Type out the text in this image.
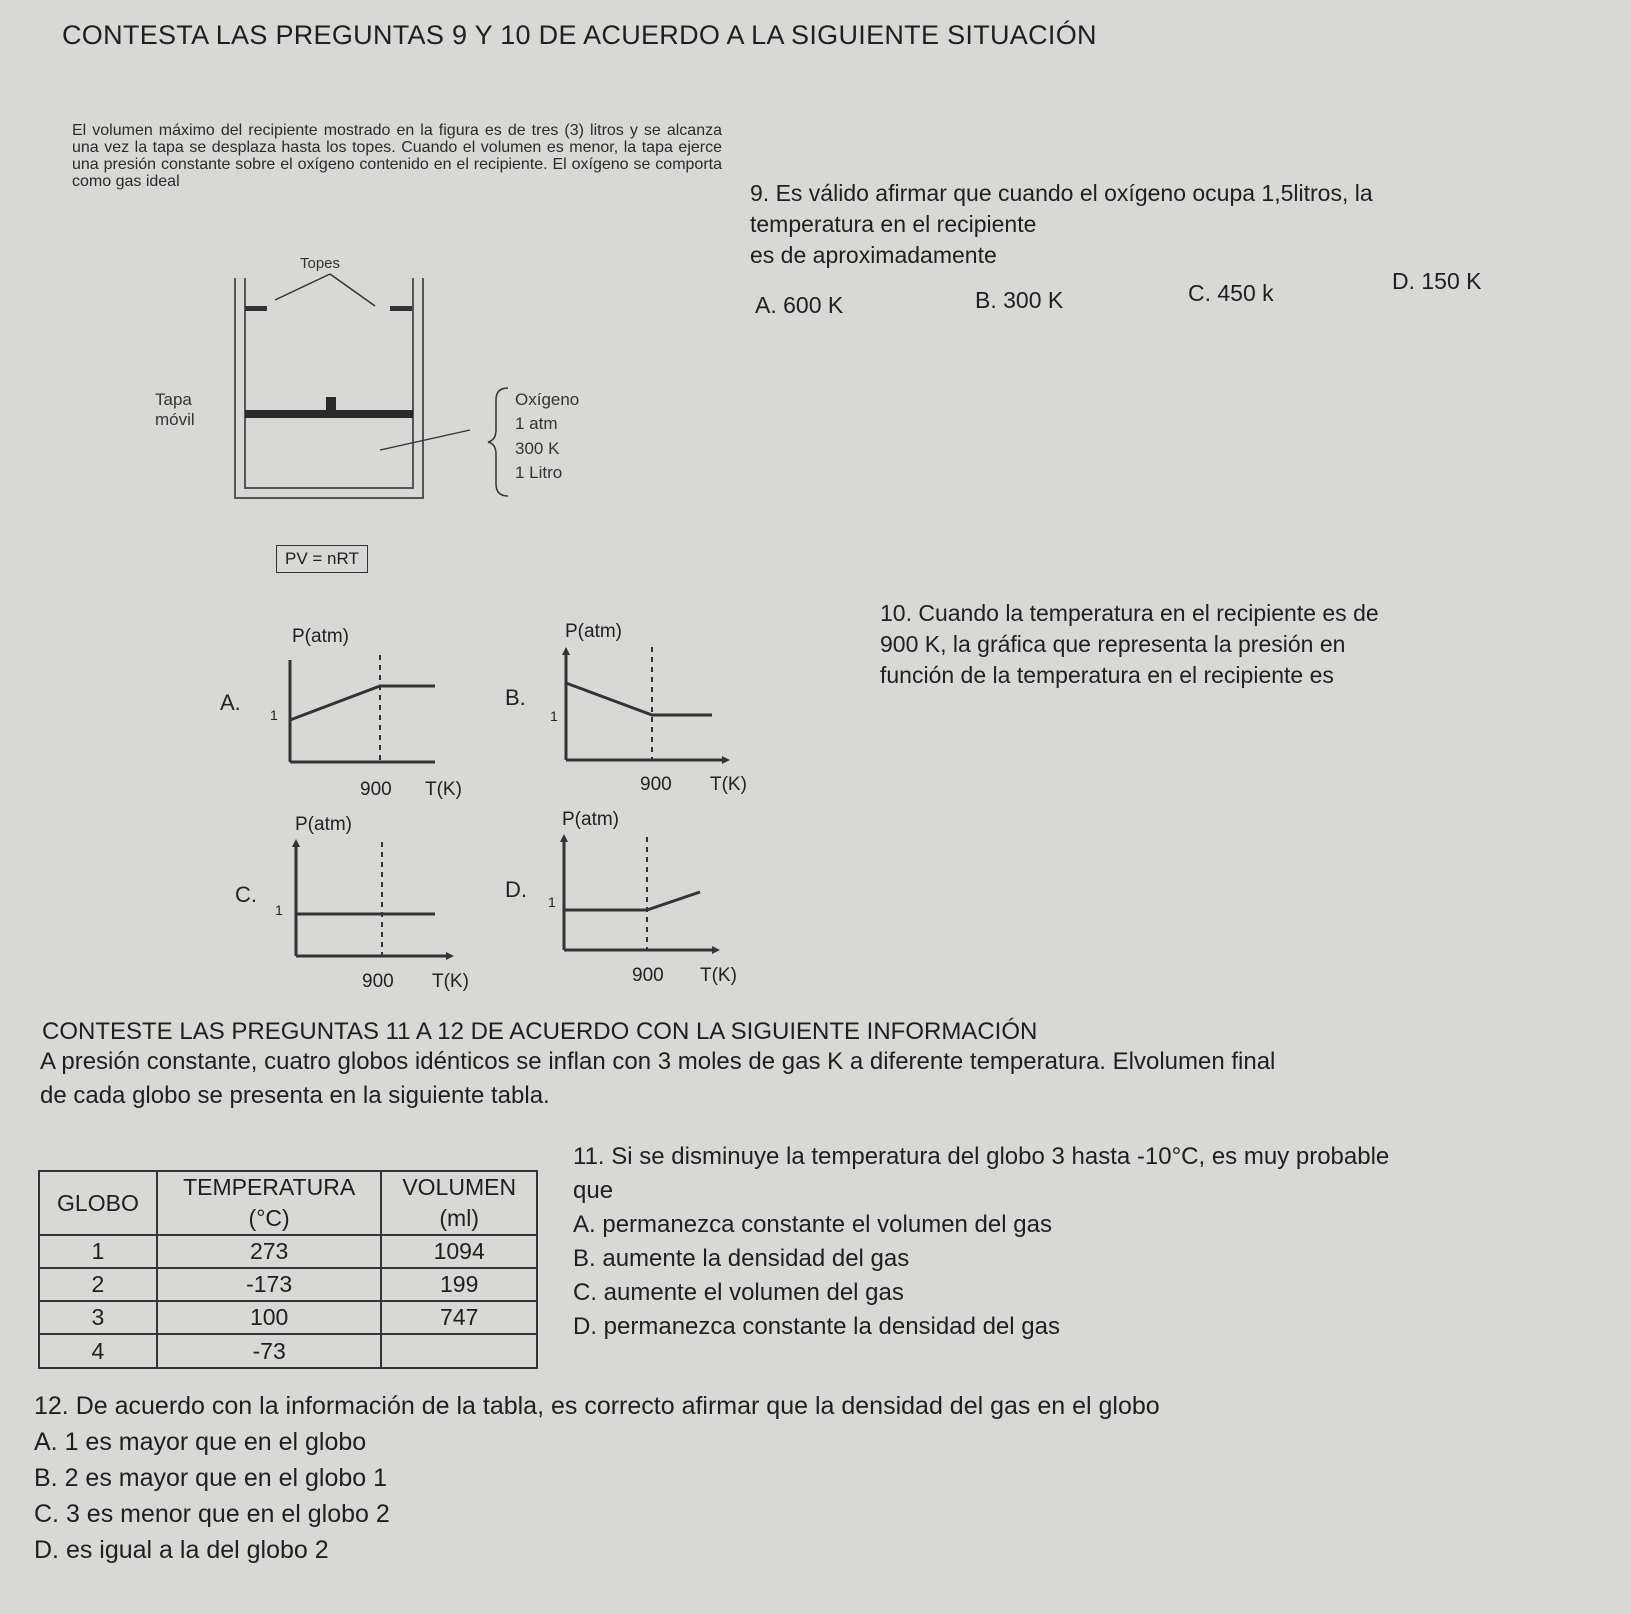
CONTESTA LAS PREGUNTAS 9 Y 10 DE ACUERDO A LA SIGUIENTE SITUACIÓN
El volumen máximo del recipiente mostrado en la figura es de tres (3) litros y se alcanza una vez la tapa se desplaza hasta los topes. Cuando el volumen es menor, la tapa ejerce una presión constante sobre el oxígeno contenido en el recipiente. El oxígeno se comporta como gas ideal
Topes
Tapa
móvil
Oxígeno
1 atm
300 K
1 Litro
PV = nRT
9. Es válido afirmar que cuando el oxígeno ocupa 1,5litros, la
temperatura en el recipiente
es de aproximadamente
A. 600 K	B. 300 K	C. 450 k	D. 150 K
10. Cuando la temperatura en el recipiente es de
900 K, la gráfica que representa la presión en
función de la temperatura en el recipiente es
A.
P(atm)
1
900 T(K)
B.
P(atm)
1
900 T(K)
C.
P(atm)
1
900 T(K)
D.
P(atm)
1
900 T(K)
CONTESTE LAS PREGUNTAS 11 A 12 DE ACUERDO CON LA SIGUIENTE INFORMACIÓN
A presión constante, cuatro globos idénticos se inflan con 3 moles de gas K a diferente temperatura. Elvolumen final
de cada globo se presenta en la siguiente tabla.
GLOBO	TEMPERATURA	VOLUMEN
	(°C)	(ml)
1	273	1094
2	-173	199
3	100	747
4	-73	
11. Si se disminuye la temperatura del globo 3 hasta -10°C, es muy probable
que
A. permanezca constante el volumen del gas
B. aumente la densidad del gas
C. aumente el volumen del gas
D. permanezca constante la densidad del gas
12. De acuerdo con la información de la tabla, es correcto afirmar que la densidad del gas en el globo
A. 1 es mayor que en el globo
B. 2 es mayor que en el globo 1
C. 3 es menor que en el globo 2
D. es igual a la del globo 2
